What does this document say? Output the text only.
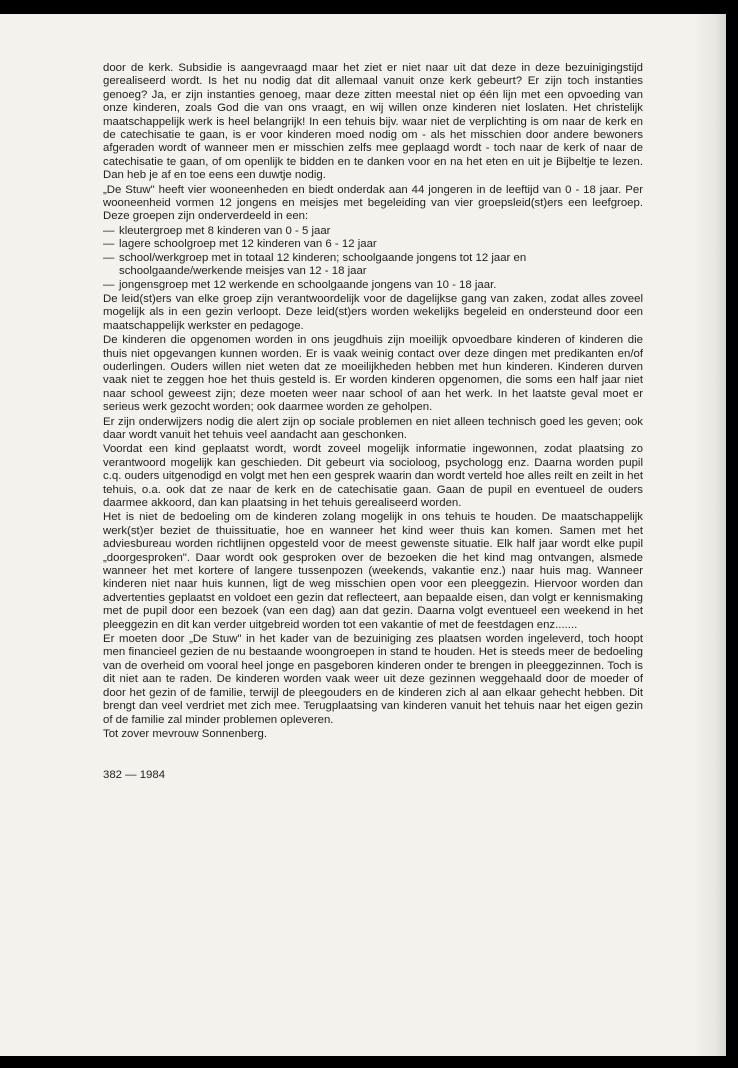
door de kerk. Subsidie is aangevraagd maar het ziet er niet naar uit dat deze in deze bezuinigingstijd gerealiseerd wordt. Is het nu nodig dat dit allemaal vanuit onze kerk gebeurt? Er zijn toch instanties genoeg? Ja, er zijn instanties genoeg, maar deze zitten meestal niet op één lijn met een opvoeding van onze kinderen, zoals God die van ons vraagt, en wij willen onze kinderen niet loslaten. Het christelijk maatschappelijk werk is heel belangrijk! In een tehuis bijv. waar niet de verplichting is om naar de kerk en de catechisatie te gaan, is er voor kinderen moed nodig om - als het misschien door andere bewoners afgeraden wordt of wanneer men er misschien zelfs mee geplaagd wordt - toch naar de kerk of naar de catechisatie te gaan, of om openlijk te bidden en te danken voor en na het eten en uit je Bijbeltje te lezen. Dan heb je af en toe eens een duwtje nodig.

„De Stuw" heeft vier wooneenheden en biedt onderdak aan 44 jongeren in de leeftijd van 0 - 18 jaar. Per wooneenheid vormen 12 jongens en meisjes met begeleiding van vier groepsleid(st)ers een leefgroep. Deze groepen zijn onderverdeeld in een:

— kleutergroep met 8 kinderen van 0 - 5 jaar
— lagere schoolgroep met 12 kinderen van 6 - 12 jaar
— school/werkgroep met in totaal 12 kinderen; schoolgaande jongens tot 12 jaar en schoolgaande/werkende meisjes van 12 - 18 jaar
— jongensgroep met 12 werkende en schoolgaande jongens van 10 - 18 jaar.

De leid(st)ers van elke groep zijn verantwoordelijk voor de dagelijkse gang van zaken, zodat alles zoveel mogelijk als in een gezin verloopt. Deze leid(st)ers worden wekelijks begeleid en ondersteund door een maatschappelijk werkster en pedagoge.

De kinderen die opgenomen worden in ons jeugdhuis zijn moeilijk opvoedbare kinderen of kinderen die thuis niet opgevangen kunnen worden. Er is vaak weinig contact over deze dingen met predikanten en/of ouderlingen. Ouders willen niet weten dat ze moeilijkheden hebben met hun kinderen. Kinderen durven vaak niet te zeggen hoe het thuis gesteld is. Er worden kinderen opgenomen, die soms een half jaar niet naar school geweest zijn; deze moeten weer naar school of aan het werk. In het laatste geval moet er serieus werk gezocht worden; ook daarmee worden ze geholpen.

Er zijn onderwijzers nodig die alert zijn op sociale problemen en niet alleen technisch goed les geven; ook daar wordt vanuit het tehuis veel aandacht aan geschonken.

Voordat een kind geplaatst wordt, wordt zoveel mogelijk informatie ingewonnen, zodat plaatsing zo verantwoord mogelijk kan geschieden. Dit gebeurt via socioloog, psychologg enz. Daarna worden pupil c.q. ouders uitgenodigd en volgt met hen een gesprek waarin dan wordt verteld hoe alles reilt en zeilt in het tehuis, o.a. ook dat ze naar de kerk en de catechisatie gaan. Gaan de pupil en eventueel de ouders daarmee akkoord, dan kan plaatsing in het tehuis gerealiseerd worden.

Het is niet de bedoeling om de kinderen zolang mogelijk in ons tehuis te houden. De maatschappelijk werk(st)er beziet de thuissituatie, hoe en wanneer het kind weer thuis kan komen. Samen met het adviesbureau worden richtlijnen opgesteld voor de meest gewenste situatie. Elk half jaar wordt elke pupil „doorgesproken". Daar wordt ook gesproken over de bezoeken die het kind mag ontvangen, alsmede wanneer het met kortere of langere tussenpozen (weekends, vakantie enz.) naar huis mag. Wanneer kinderen niet naar huis kunnen, ligt de weg misschien open voor een pleeggezin. Hiervoor worden dan advertenties geplaatst en voldoet een gezin dat reflecteert, aan bepaalde eisen, dan volgt er kennismaking met de pupil door een bezoek (van een dag) aan dat gezin. Daarna volgt eventueel een weekend in het pleeggezin en dit kan verder uitgebreid worden tot een vakantie of met de feestdagen enz.......

Er moeten door „De Stuw" in het kader van de bezuiniging zes plaatsen worden ingeleverd, toch hoopt men financieel gezien de nu bestaande woongroepen in stand te houden. Het is steeds meer de bedoeling van de overheid om vooral heel jonge en pasgeboren kinderen onder te brengen in pleeggezinnen. Toch is dit niet aan te raden. De kinderen worden vaak weer uit deze gezinnen weggehaald door de moeder of door het gezin of de familie, terwijl de pleegouders en de kinderen zich al aan elkaar gehecht hebben. Dit brengt dan veel verdriet met zich mee. Terugplaatsing van kinderen vanuit het tehuis naar het eigen gezin of de familie zal minder problemen opleveren.

Tot zover mevrouw Sonnenberg.

382 — 1984
